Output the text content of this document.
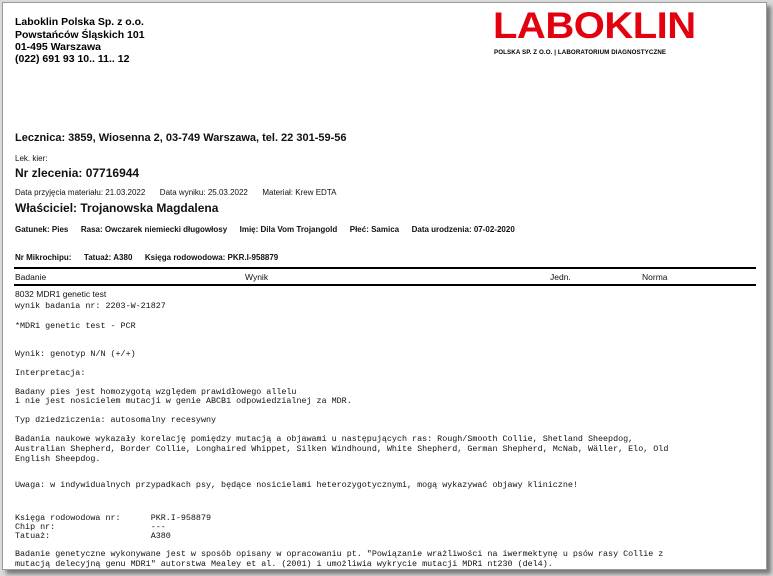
Laboklin Polska Sp. z o.o.
Powstańców Śląskich 101
01-495 Warszawa
(022) 691 93 10.. 11.. 12
LABOKLIN
POLSKA SP. Z O.O. | LABORATORIUM DIAGNOSTYCZNE
Lecznica: 3859, Wiosenna 2, 03-749 Warszawa, tel. 22 301-59-56
Lek. kier:
Nr zlecenia: 07716944
Data przyjęcia materiału: 21.03.2022 Data wyniku: 25.03.2022 Materiał: Krew EDTA
Właściciel: Trojanowska Magdalena
Gatunek: Pies Rasa: Owczarek niemiecki długowłosy Imię: Dila Vom Trojangold Płeć: Samica Data urodzenia: 07-02-2020
Nr Mikrochipu: Tatuaż: A380 Księga rodowodowa: PKR.I-958879
Badanie	Wynik	Jedn.	Norma
8032 MDR1 genetic test
wynik badania nr: 2203-W-21827
*MDR1 genetic test - PCR
Wynik: genotyp N/N (+/+)
Interpretacja:
Badany pies jest homozygotą względem prawidłowego allelu
i nie jest nosicielem mutacji w genie ABCB1 odpowiedzialnej za MDR.
Typ dziedziczenia: autosomalny recesywny
Badania naukowe wykazały korelację pomiędzy mutacją a objawami u następujących ras: Rough/Smooth Collie, Shetland Sheepdog,
Australian Shepherd, Border Collie, Longhaired Whippet, Silken Windhound, White Shepherd, German Shepherd, McNab, Wäller, Elo, Old
English Sheepdog.
Uwaga: w indywidualnych przypadkach psy, będące nosicielami heterozygotycznymi, mogą wykazywać objawy kliniczne!
Księga rodowodowa nr:      PKR.I-958879
Chip nr:                   ---
Tatuaż:                    A380
Badanie genetyczne wykonywane jest w sposób opisany w opracowaniu pt. "Powiązanie wrażliwości na iwermektynę u psów rasy Collie z
mutacją delecyjną genu MDR1" autorstwa Mealey et al. (2001) i umożliwia wykrycie mutacji MDR1 nt230 (del4).
